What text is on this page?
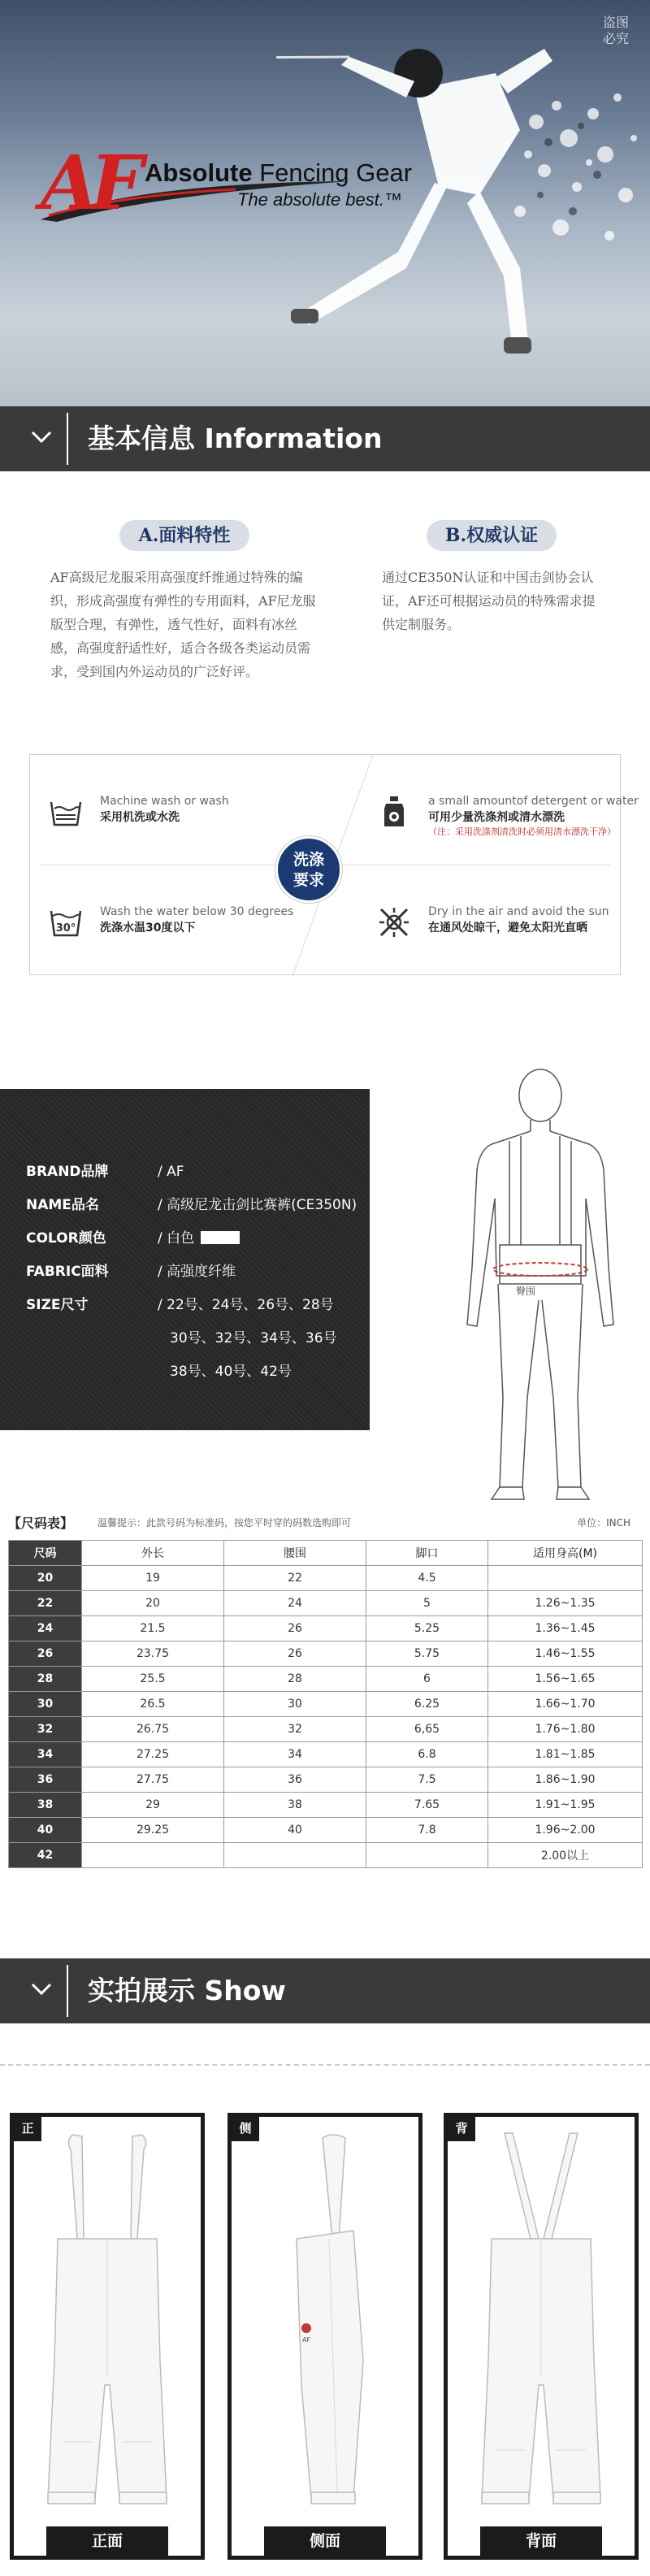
盗图必究
AF Absolute Fencing Gear
The absolute best.™
基本信息 Information
A.面料特性

AF高级尼龙服采用高强度纤维通过特殊的编织，形成高强度有弹性的专用面料，AF尼龙服版型合理，有弹性，透气性好，面料有冰丝感，高强度舒适性好，适合各级各类运动员需求，受到国内外运动员的广泛好评。

B.权威认证

通过CE350N认证和中国击剑协会认证，AF还可根据运动员的特殊需求提供定制服务。

Machine wash or wash
采用机洗或水洗
a small amountof detergent or water
可用少量洗涤剂或清水漂洗
（注：采用洗涤剂清洗时必须用清水漂洗干净）
30°
Wash the water below 30 degrees
洗涤水温30度以下
Dry in the air and avoid the sun
在通风处晾干，避免太阳光直晒
洗涤
要求
BRAND品牌	/ AF
NAME品名	/ 高级尼龙击剑比赛裤(CE350N)
COLOR颜色	/ 白色
FABRIC面料	/ 高强度纤维
SIZE尺寸	/ 22号、24号、26号、28号
30号、32号、34号、36号
38号、40号、42号
臀围
【尺码表】 温馨提示：此款号码为标准码，按您平时穿的码数选购即可	单位：INCH
尺码	外长	腰围	脚口	适用身高(M)
20	19	22	4.5	
22	20	24	5	1.26~1.35
24	21.5	26	5.25	1.36~1.45
26	23.75	26	5.75	1.46~1.55
28	25.5	28	6	1.56~1.65
30	26.5	30	6.25	1.66~1.70
32	26.75	32	6,65	1.76~1.80
34	27.25	34	6.8	1.81~1.85
36	27.75	36	7.5	1.86~1.90
38	29	38	7.65	1.91~1.95
40	29.25	40	7.8	1.96~2.00
42				2.00以上
实拍展示 Show
正
正面
AF
侧
侧面
背
背面
